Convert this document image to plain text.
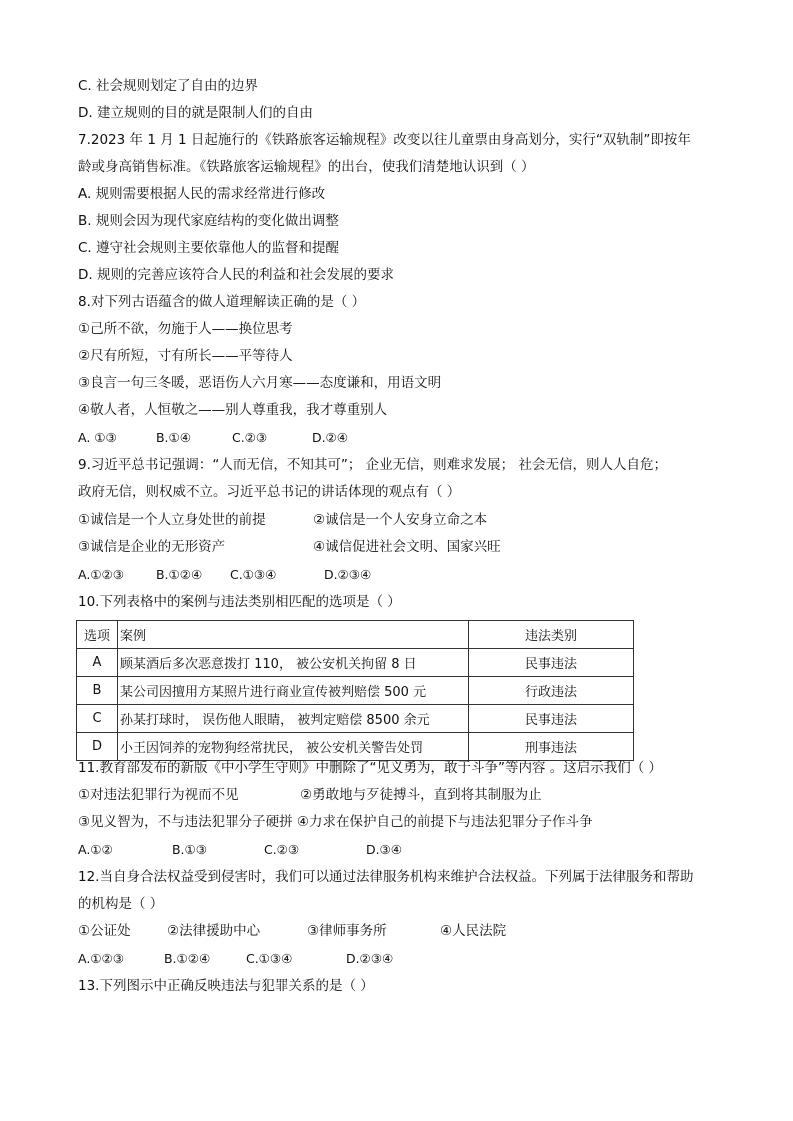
C. 社会规则划定了自由的边界
D. 建立规则的目的就是限制人们的自由
7.2023 年 1 月 1 日起施行的《铁路旅客运输规程》改变以往儿童票由身高划分，实行“双轨制”即按年
龄或身高销售标准。《铁路旅客运输规程》的出台，使我们清楚地认识到（ ）
A. 规则需要根据人民的需求经常进行修改
B. 规则会因为现代家庭结构的变化做出调整
C. 遵守社会规则主要依靠他人的监督和提醒
D. 规则的完善应该符合人民的利益和社会发展的要求
8.对下列古语蕴含的做人道理解读正确的是（ ）
①己所不欲，勿施于人——换位思考
②尺有所短，寸有所长——平等待人
③良言一句三冬暖，恶语伤人六月寒——态度谦和，用语文明
④敬人者，人恒敬之——别人尊重我，我才尊重别人
A. ①③	B.①④	C.②③	D.②④
9.习近平总书记强调：“人而无信，不知其可”； 企业无信，则难求发展； 社会无信，则人人自危；
政府无信，则权威不立。习近平总书记的讲话体现的观点有（ ）
①诚信是一个人立身处世的前提	②诚信是一个人安身立命之本
③诚信是企业的无形资产	④诚信促进社会文明、国家兴旺
A.①②③	B.①②④ C.①③④	D.②③④
10.下列表格中的案例与违法类别相匹配的选项是（ ）
选项	案例	违法类别
A	顾某酒后多次恶意拨打 110， 被公安机关拘留 8 日	民事违法
B	某公司因擅用方某照片进行商业宣传被判赔偿 500 元	行政违法
C	孙某打球时， 误伤他人眼睛， 被判定赔偿 8500 余元	民事违法
D	小王因饲养的宠物狗经常扰民， 被公安机关警告处罚	刑事违法
11.教育部发布的新版《中小学生守则》中删除了“见义勇为，敢于斗争”等内容 。这启示我们（ ）
①对违法犯罪行为视而不见	②勇敢地与歹徒搏斗，直到将其制服为止
③见义智为，不与违法犯罪分子硬拼 ④力求在保护自己的前提下与违法犯罪分子作斗争
A.①②	B.①③	C.②③	D.③④
12.当自身合法权益受到侵害时，我们可以通过法律服务机构来维护合法权益。下列属于法律服务和帮助
的机构是（ ）
①公证处	②法律援助中心	③律师事务所	④人民法院
A.①②③	B.①②④	C.①③④	D.②③④
13.下列图示中正确反映违法与犯罪关系的是（ ）
